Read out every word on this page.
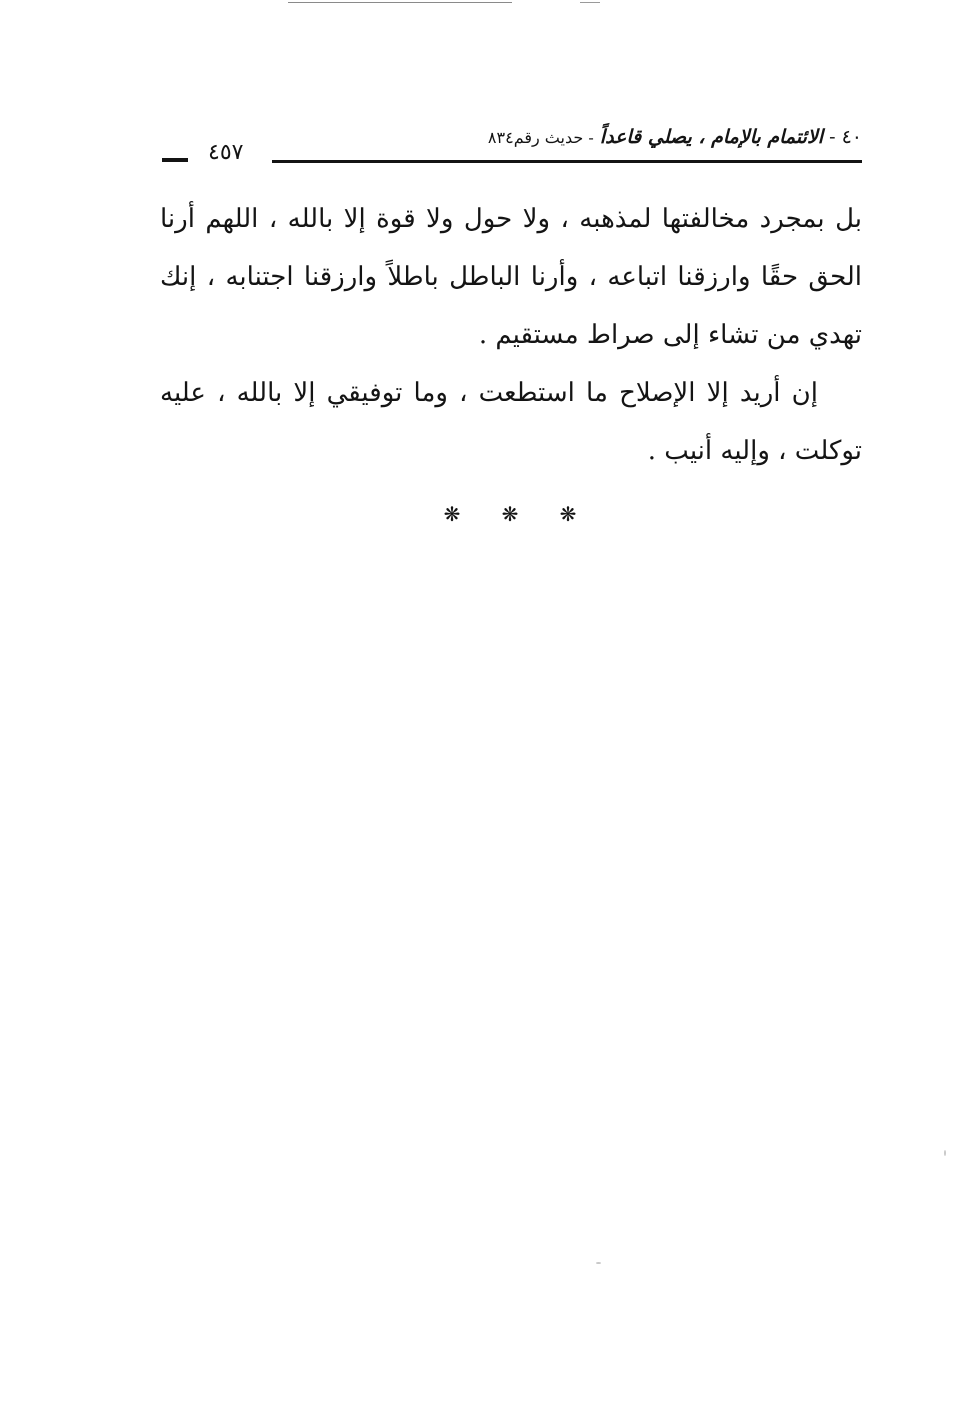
٤٠ - الائتمام بالإمام ، يصلي قاعداً - حديث رقم٨٣٤
٤٥٧

بل بمجرد مخالفتها لمذهبه ، ولا حول ولا قوة إلا بالله ، اللهم أرنا الحق حقًا وارزقنا اتباعه ، وأرنا الباطل باطلاً وارزقنا اجتنابه ، إنك تهدي من تشاء إلى صراط مستقيم .

إن أريد إلا الإصلاح ما استطعت ، وما توفيقي إلا بالله ، عليه توكلت ، وإليه أنيب .

❋ ❋ ❋
